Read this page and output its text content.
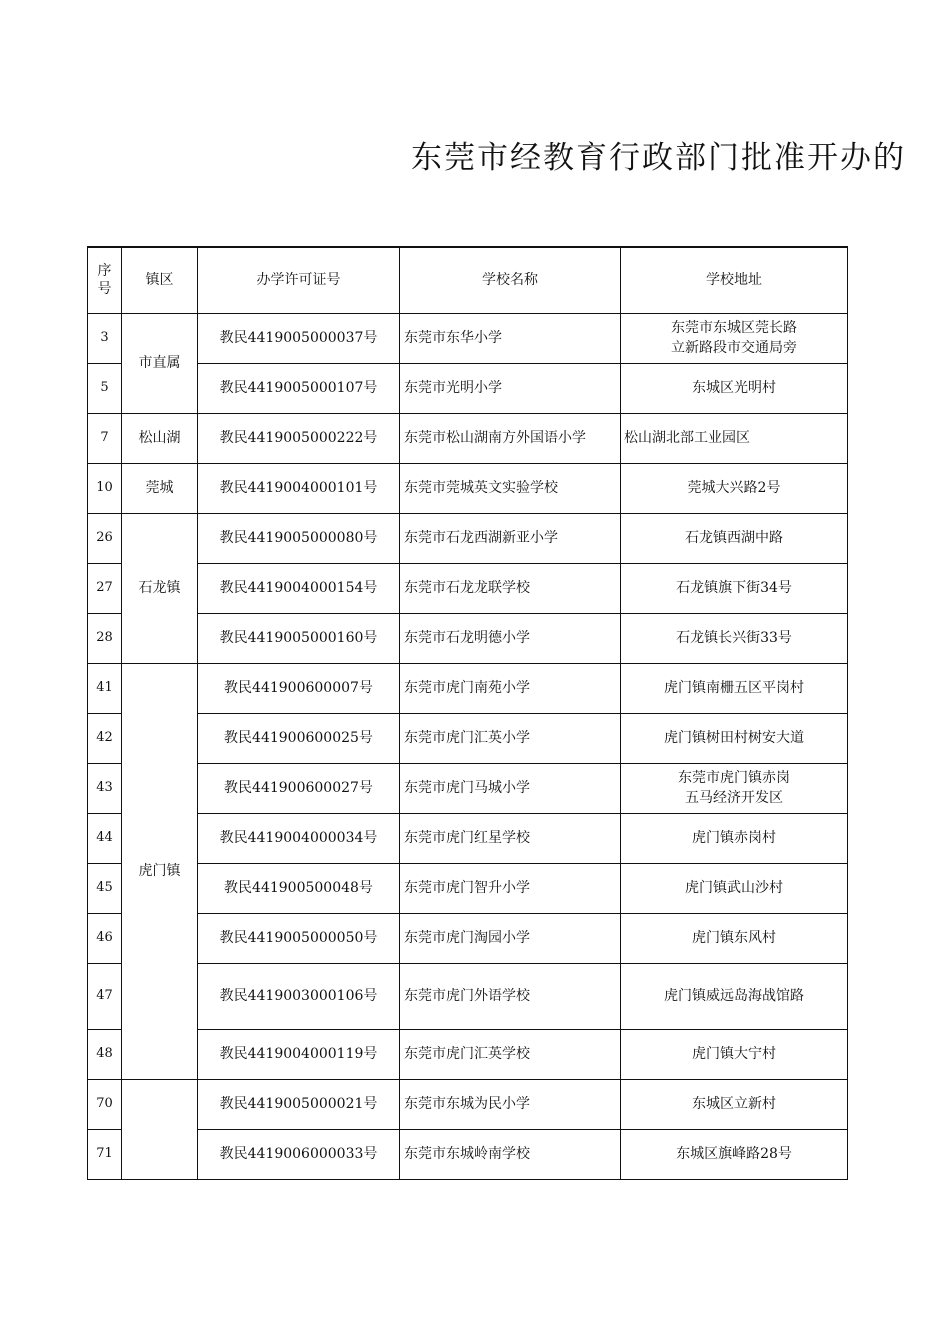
东莞市经教育行政部门批准开办的
序号	镇区	办学许可证号	学校名称	学校地址
3	市直属	教民4419005000037号	东莞市东华小学	东莞市东城区莞长路
立新路段市交通局旁

5		教民4419005000107号	东莞市光明小学	东城区光明村

7	松山湖	教民4419005000222号	东莞市松山湖南方外国语小学	松山湖北部工业园区

10	莞城	教民4419004000101号	东莞市莞城英文实验学校	莞城大兴路2号

26	石龙镇	教民4419005000080号	东莞市石龙西湖新亚小学	石龙镇西湖中路

27		教民4419004000154号	东莞市石龙龙联学校	石龙镇旗下街34号

28		教民4419005000160号	东莞市石龙明德小学	石龙镇长兴街33号

41	虎门镇	教民441900600007号	东莞市虎门南苑小学	虎门镇南栅五区平岗村

42		教民441900600025号	东莞市虎门汇英小学	虎门镇树田村树安大道

43		教民441900600027号	东莞市虎门马城小学	东莞市虎门镇赤岗
五马经济开发区

44		教民4419004000034号	东莞市虎门红星学校	虎门镇赤岗村

45		教民441900500048号	东莞市虎门智升小学	虎门镇武山沙村

46		教民4419005000050号	东莞市虎门淘园小学	虎门镇东风村

47		教民4419003000106号	东莞市虎门外语学校	虎门镇威远岛海战馆路

48		教民4419004000119号	东莞市虎门汇英学校	虎门镇大宁村

70		教民4419005000021号	东莞市东城为民小学	东城区立新村

71		教民4419006000033号	东莞市东城岭南学校	东城区旗峰路28号
